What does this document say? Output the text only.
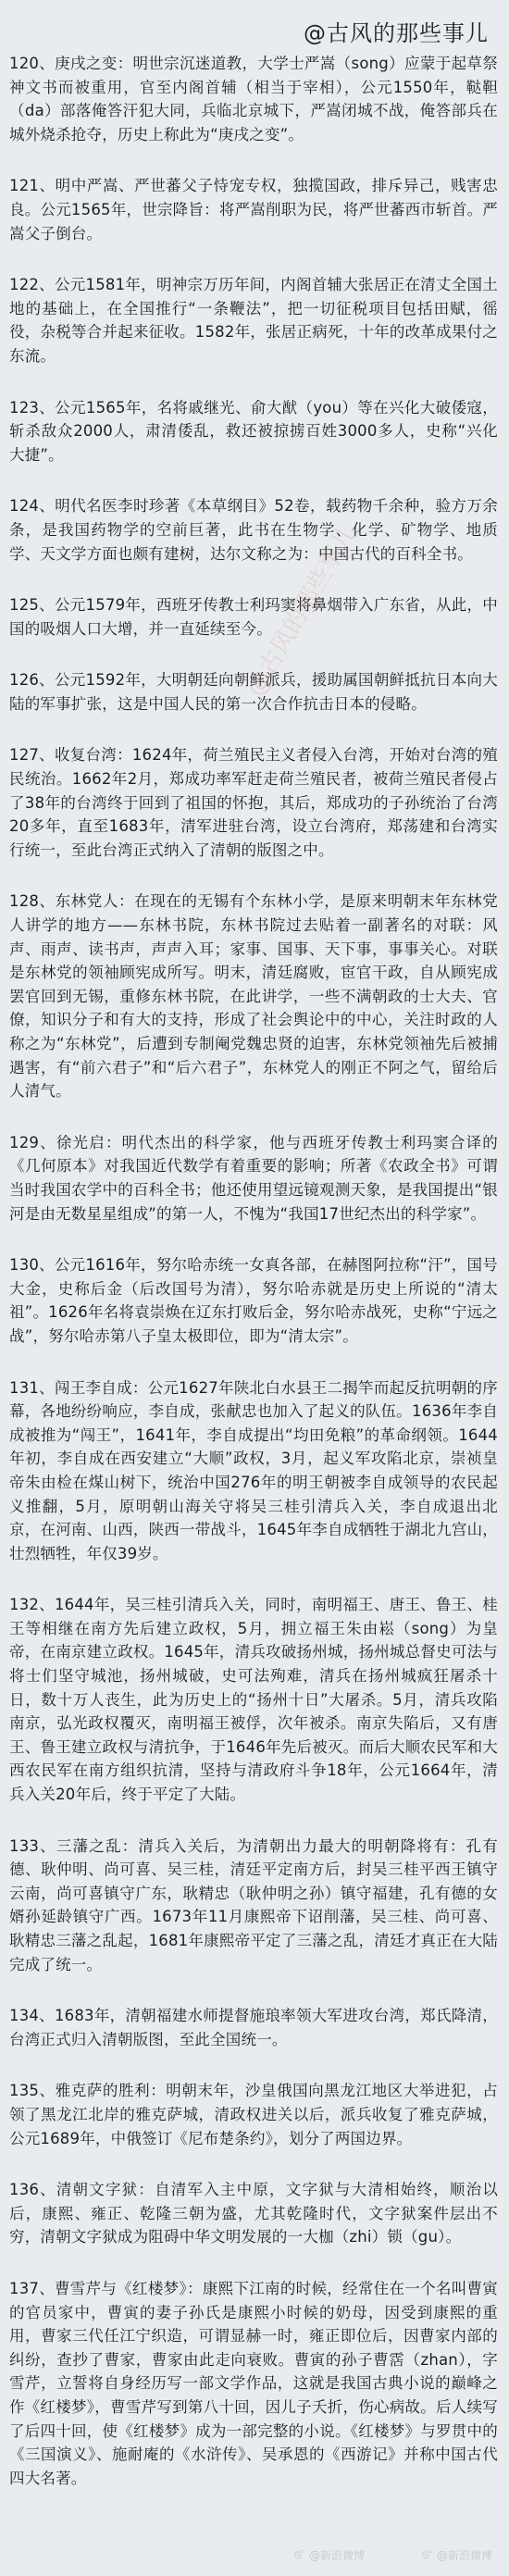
@古风的那些事儿
@古风的那些事儿

120、庚戌之变：明世宗沉迷道教，大学士严嵩（song）应蒙于起草祭神文书而被重用，官至内阁首辅（相当于宰相），公元1550年，鞑靼（da）部落俺答汗犯大同，兵临北京城下，严嵩闭城不战，俺答部兵在城外烧杀抢夺，历史上称此为“庚戌之变”。

121、明中严嵩、严世蕃父子恃宠专权，独揽国政，排斥异己，贱害忠良。公元1565年，世宗降旨：将严嵩削职为民，将严世蕃西市斩首。严嵩父子倒台。

122、公元1581年，明神宗万历年间，内阁首辅大张居正在清丈全国土地的基础上，在全国推行“一条鞭法”，把一切征税项目包括田赋，徭役，杂税等合并起来征收。1582年，张居正病死，十年的改革成果付之东流。

123、公元1565年，名将戚继光、俞大猷（you）等在兴化大破倭寇，斩杀敌众2000人，肃清倭乱，救还被掠掳百姓3000多人，史称“兴化大捷”。

124、明代名医李时珍著《本草纲目》52卷，载药物千余种，验方万余条，是我国药物学的空前巨著，此书在生物学、化学、矿物学、地质学、天文学方面也颇有建树，达尔文称之为：中国古代的百科全书。

125、公元1579年，西班牙传教士利玛窦将鼻烟带入广东省，从此，中国的吸烟人口大增，并一直延续至今。

126、公元1592年，大明朝廷向朝鲜派兵，援助属国朝鲜抵抗日本向大陆的军事扩张，这是中国人民的第一次合作抗击日本的侵略。

127、收复台湾：1624年，荷兰殖民主义者侵入台湾，开始对台湾的殖民统治。1662年2月，郑成功率军赶走荷兰殖民者，被荷兰殖民者侵占了38年的台湾终于回到了祖国的怀抱，其后，郑成功的子孙统治了台湾20多年，直至1683年，清军进驻台湾，设立台湾府，郑荡建和台湾实行统一，至此台湾正式纳入了清朝的版图之中。

128、东林党人：在现在的无锡有个东林小学，是原来明朝末年东林党人讲学的地方——东林书院，东林书院过去贴着一副著名的对联：风声、雨声、读书声，声声入耳；家事、国事、天下事，事事关心。对联是东林党的领袖顾宪成所写。明末，清廷腐败，宦官干政，自从顾宪成罢官回到无锡，重修东林书院，在此讲学，一些不满朝政的士大夫、官僚，知识分子和有大的支持，形成了社会舆论中的中心，关注时政的人称之为“东林党”，后遭到专制阉党魏忠贤的迫害，东林党领袖先后被捕遇害，有“前六君子”和“后六君子”，东林党人的刚正不阿之气，留给后人清气。

129、徐光启：明代杰出的科学家，他与西班牙传教士利玛窦合译的《几何原本》对我国近代数学有着重要的影响；所著《农政全书》可谓当时我国农学中的百科全书；他还使用望远镜观测天象，是我国提出“银河是由无数星星组成”的第一人，不愧为“我国17世纪杰出的科学家”。

130、公元1616年，努尔哈赤统一女真各部，在赫图阿拉称“汗”，国号大金，史称后金（后改国号为清），努尔哈赤就是历史上所说的“清太祖”。1626年名将袁崇焕在辽东打败后金，努尔哈赤战死，史称“宁远之战”，努尔哈赤第八子皇太极即位，即为“清太宗”。

131、闯王李自成：公元1627年陕北白水县王二揭竿而起反抗明朝的序幕，各地纷纷响应，李自成，张献忠也加入了起义的队伍。1636年李自成被推为“闯王”，1641年，李自成提出“均田免粮”的革命纲领。1644年初，李自成在西安建立“大顺”政权，3月，起义军攻陷北京，崇祯皇帝朱由检在煤山树下，统治中国276年的明王朝被李自成领导的农民起义推翻，5月，原明朝山海关守将吴三桂引清兵入关，李自成退出北京，在河南、山西，陕西一带战斗，1645年李自成牺牲于湖北九宫山，壮烈牺牲，年仅39岁。

132、1644年，吴三桂引清兵入关，同时，南明福王、唐王、鲁王、桂王等相继在南方先后建立政权，5月，拥立福王朱由崧（song）为皇帝，在南京建立政权。1645年，清兵攻破扬州城，扬州城总督史可法与将士们坚守城池，扬州城破，史可法殉难，清兵在扬州城疯狂屠杀十日，数十万人丧生，此为历史上的“扬州十日”大屠杀。5月，清兵攻陷南京，弘光政权覆灭，南明福王被俘，次年被杀。南京失陷后，又有唐王、鲁王建立政权与清抗争，于1646年先后被灭。而后大顺农民军和大西农民军在南方组织抗清，坚持与清政府斗争18年，公元1664年，清兵入关20年后，终于平定了大陆。

133、三藩之乱：清兵入关后，为清朝出力最大的明朝降将有：孔有德、耿仲明、尚可喜、吴三桂，清廷平定南方后，封吴三桂平西王镇守云南，尚可喜镇守广东，耿精忠（耿仲明之孙）镇守福建，孔有德的女婿孙延龄镇守广西。1673年11月康熙帝下诏削藩，吴三桂、尚可喜、耿精忠三藩之乱起，1681年康熙帝平定了三藩之乱，清廷才真正在大陆完成了统一。

134、1683年，清朝福建水师提督施琅率领大军进攻台湾，郑氏降清，台湾正式归入清朝版图，至此全国统一。

135、雅克萨的胜利：明朝末年，沙皇俄国向黑龙江地区大举进犯，占领了黑龙江北岸的雅克萨城，清政权进关以后，派兵收复了雅克萨城，公元1689年，中俄签订《尼布楚条约》，划分了两国边界。

136、清朝文字狱：自清军入主中原，文字狱与大清相始终，顺治以后，康熙、雍正、乾隆三朝为盛，尤其乾隆时代，文字狱案件层出不穷，清朝文字狱成为阻碍中华文明发展的一大枷（zhi）锁（gu）。

137、曹雪芹与《红楼梦》：康熙下江南的时候，经常住在一个名叫曹寅的官员家中，曹寅的妻子孙氏是康熙小时候的奶母，因受到康熙的重用，曹家三代任江宁织造，可谓显赫一时，雍正即位后，因曹家内部的纠纷，查抄了曹家，曹家由此走向衰败。曹寅的孙子曹霑（zhan），字雪芹，立誓将自身经历写一部文学作品，这就是我国古典小说的巅峰之作《红楼梦》，曹雪芹写到第八十回，因儿子夭折，伤心病故。后人续写了后四十回，使《红楼梦》成为一部完整的小说。《红楼梦》与罗贯中的《三国演义》、施耐庵的《水浒传》、吴承恩的《西游记》并称中国古代四大名著。

@新浪微博	@新浪微博
